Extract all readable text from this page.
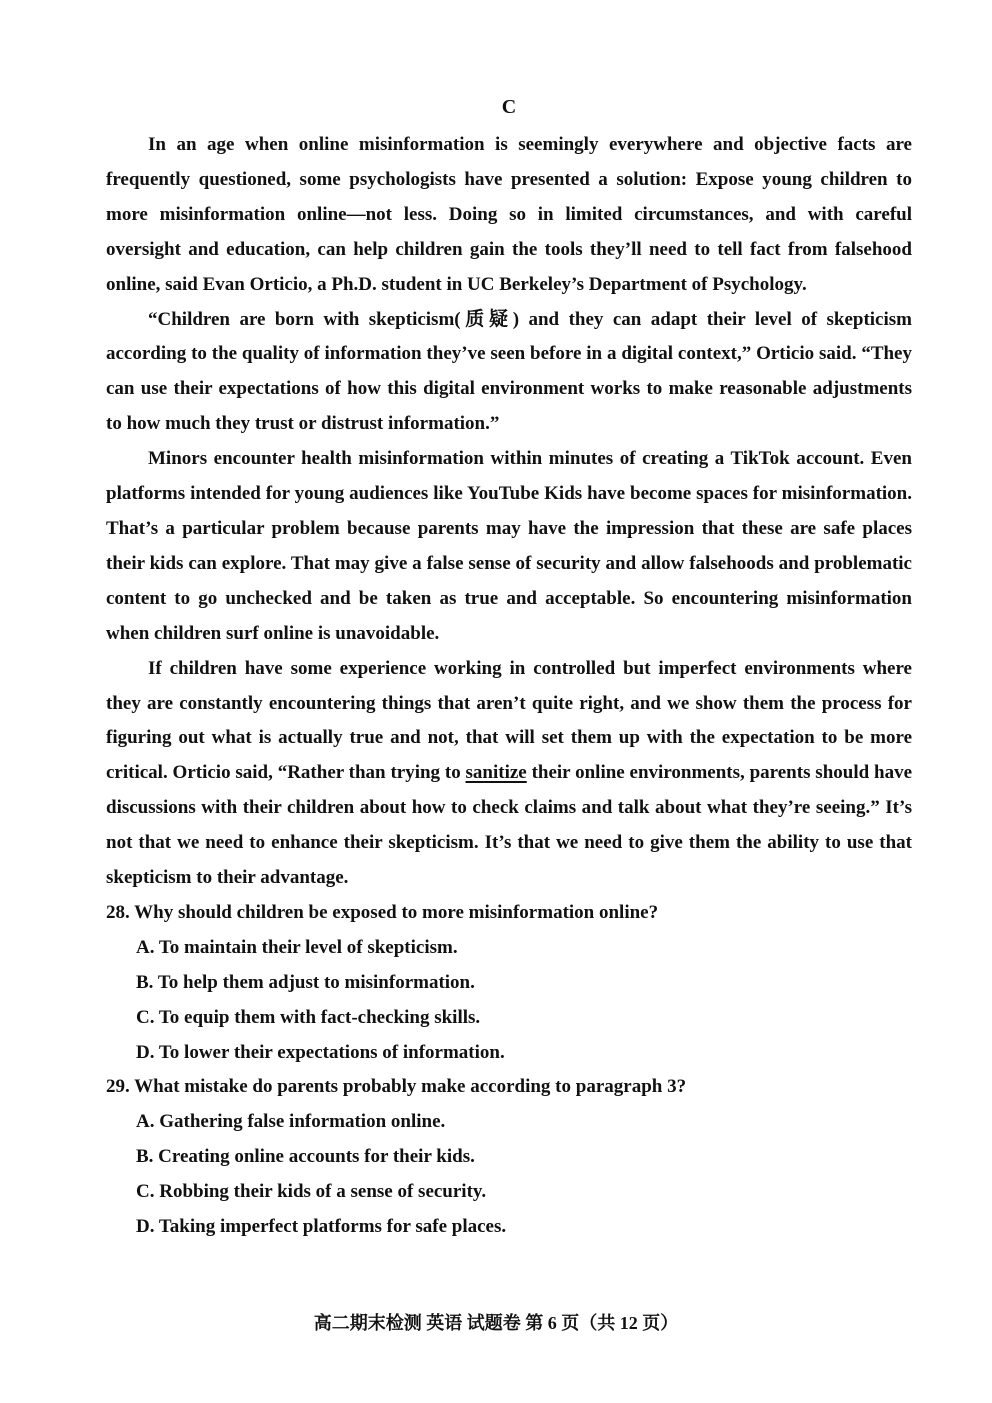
C

In an age when online misinformation is seemingly everywhere and objective facts are frequently questioned, some psychologists have presented a solution: Expose young children to more misinformation online—not less. Doing so in limited circumstances, and with careful oversight and education, can help children gain the tools they’ll need to tell fact from falsehood online, said Evan Orticio, a Ph.D. student in UC Berkeley’s Department of Psychology.

“Children are born with skepticism(质疑) and they can adapt their level of skepticism according to the quality of information they’ve seen before in a digital context,” Orticio said. “They can use their expectations of how this digital environment works to make reasonable adjustments to how much they trust or distrust information.”

Minors encounter health misinformation within minutes of creating a TikTok account. Even platforms intended for young audiences like YouTube Kids have become spaces for misinformation. That’s a particular problem because parents may have the impression that these are safe places their kids can explore. That may give a false sense of security and allow falsehoods and problematic content to go unchecked and be taken as true and acceptable. So encountering misinformation when children surf online is unavoidable.

If children have some experience working in controlled but imperfect environments where they are constantly encountering things that aren’t quite right, and we show them the process for figuring out what is actually true and not, that will set them up with the expectation to be more critical. Orticio said, “Rather than trying to sanitize their online environments, parents should have discussions with their children about how to check claims and talk about what they’re seeing.” It’s not that we need to enhance their skepticism. It’s that we need to give them the ability to use that skepticism to their advantage.

28. Why should children be exposed to more misinformation online?

A. To maintain their level of skepticism.

B. To help them adjust to misinformation.

C. To equip them with fact-checking skills.

D. To lower their expectations of information.

29. What mistake do parents probably make according to paragraph 3?

A. Gathering false information online.

B. Creating online accounts for their kids.

C. Robbing their kids of a sense of security.

D. Taking imperfect platforms for safe places.

高二期末检测 英语 试题卷 第 6 页（共 12 页）
